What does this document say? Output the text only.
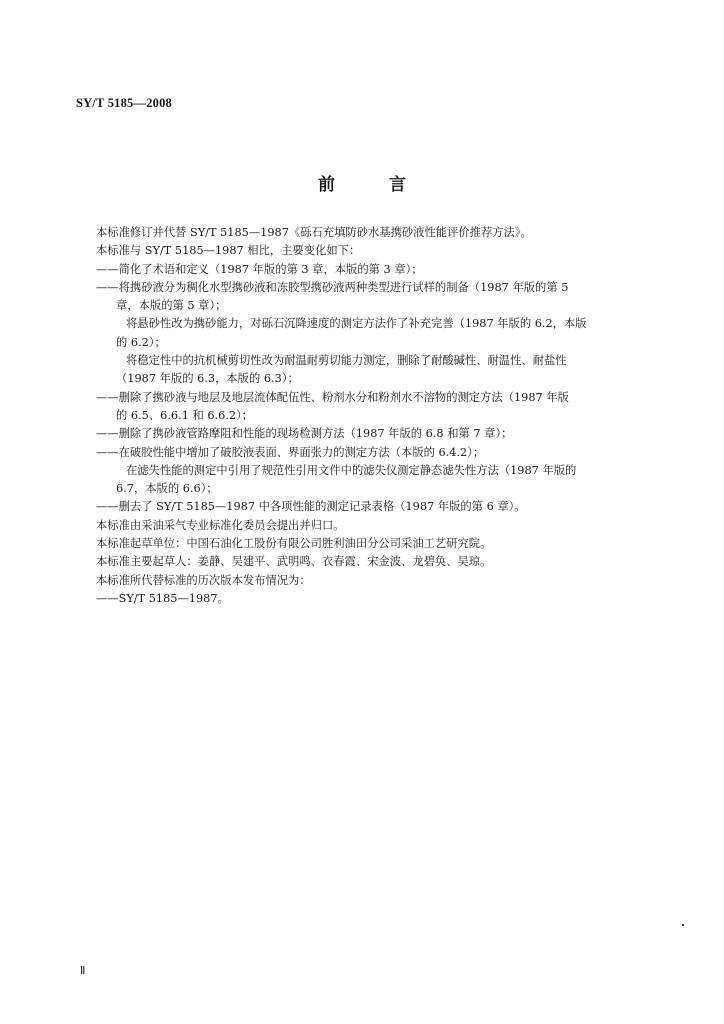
SY/T 5185—2008
前 言
本标准修订并代替 SY/T 5185—1987《砾石充填防砂水基携砂液性能评价推荐方法》。
本标准与 SY/T 5185—1987 相比，主要变化如下：
——简化了术语和定义（1987 年版的第 3 章，本版的第 3 章）；
——将携砂液分为稠化水型携砂液和冻胶型携砂液两种类型进行试样的制备（1987 年版的第 5
章，本版的第 5 章）；
将悬砂性改为携砂能力，对砾石沉降速度的测定方法作了补充完善（1987 年版的 6.2，本版
的 6.2）；
将稳定性中的抗机械剪切性改为耐温耐剪切能力测定，删除了耐酸碱性、耐温性、耐盐性
（1987 年版的 6.3，本版的 6.3）；
——删除了携砂液与地层及地层流体配伍性、粉剂水分和粉剂水不溶物的测定方法（1987 年版
的 6.5、6.6.1 和 6.6.2）；
——删除了携砂液管路摩阻和性能的现场检测方法（1987 年版的 6.8 和第 7 章）；
——在破胶性能中增加了破胶液表面、界面张力的测定方法（本版的 6.4.2）；
在滤失性能的测定中引用了规范性引用文件中的滤失仪测定静态滤失性方法（1987 年版的
6.7，本版的 6.6）；
——删去了 SY/T 5185—1987 中各项性能的测定记录表格（1987 年版的第 6 章）。
本标准由采油采气专业标准化委员会提出并归口。
本标准起草单位：中国石油化工股份有限公司胜利油田分公司采油工艺研究院。
本标准主要起草人：姜静、吴建平、武明鸣、衣春霞、宋金波、龙碧奂、吴琼。
本标准所代替标准的历次版本发布情况为：
——SY/T 5185—1987。
Ⅱ
